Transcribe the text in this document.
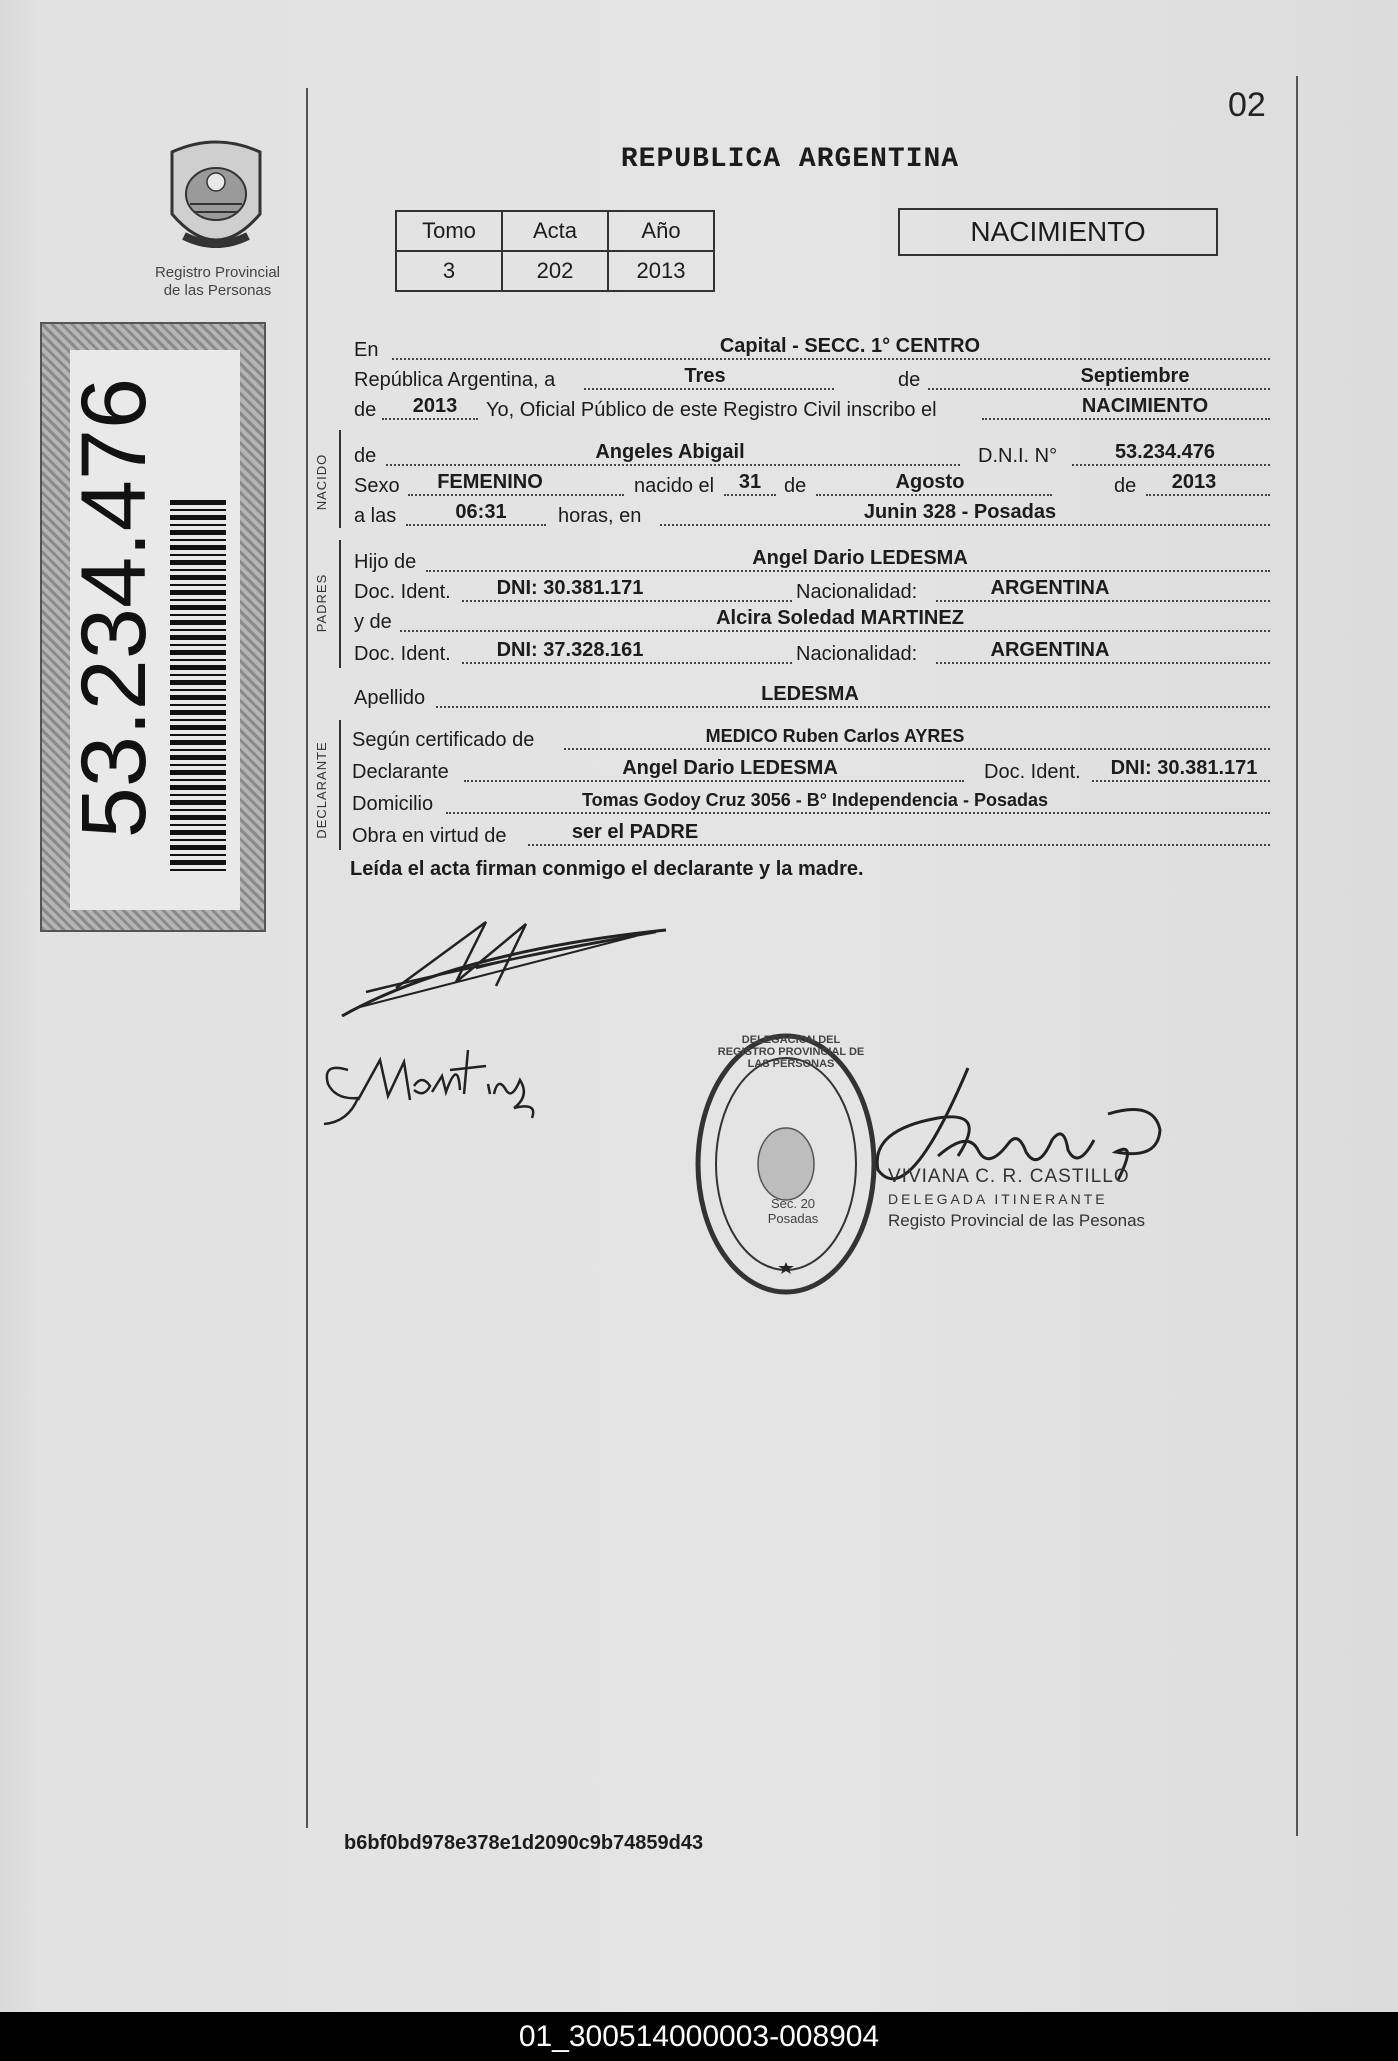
02
REPUBLICA ARGENTINA
Registro Provincial
de las Personas
53.234.476
Tomo	Acta	Año
3	202	2013
NACIMIENTO
NACIDO
PADRES
DECLARANTE
En	Capital - SECC. 1° CENTRO
República Argentina, a	Tres	de	Septiembre
de	2013	Yo, Oficial Público de este Registro Civil inscribo el	NACIMIENTO
de	Angeles Abigail	D.N.I. N°	53.234.476
Sexo	FEMENINO	nacido el	31	de	Agosto	de	2013
a las	06:31	horas, en	Junin 328 - Posadas
Hijo de	Angel Dario LEDESMA
Doc. Ident.	DNI: 30.381.171	Nacionalidad:	ARGENTINA
y de	Alcira Soledad MARTINEZ
Doc. Ident.	DNI: 37.328.161	Nacionalidad:	ARGENTINA
Apellido	LEDESMA
Según certificado de	MEDICO Ruben Carlos AYRES
Declarante	Angel Dario LEDESMA	Doc. Ident.	DNI: 30.381.171
Domicilio	Tomas Godoy Cruz 3056 - B° Independencia - Posadas
Obra en virtud de	ser el PADRE
Leída el acta firman conmigo el declarante y la madre.
DELEGACION DEL REGISTRO PROVINCIAL DE LAS PERSONAS
Sec. 20 Posadas
VIVIANA C. R. CASTILLO
DELEGADA ITINERANTE
Registo Provincial de las Pesonas
b6bf0bd978e378e1d2090c9b74859d43
01_300514000003-008904
